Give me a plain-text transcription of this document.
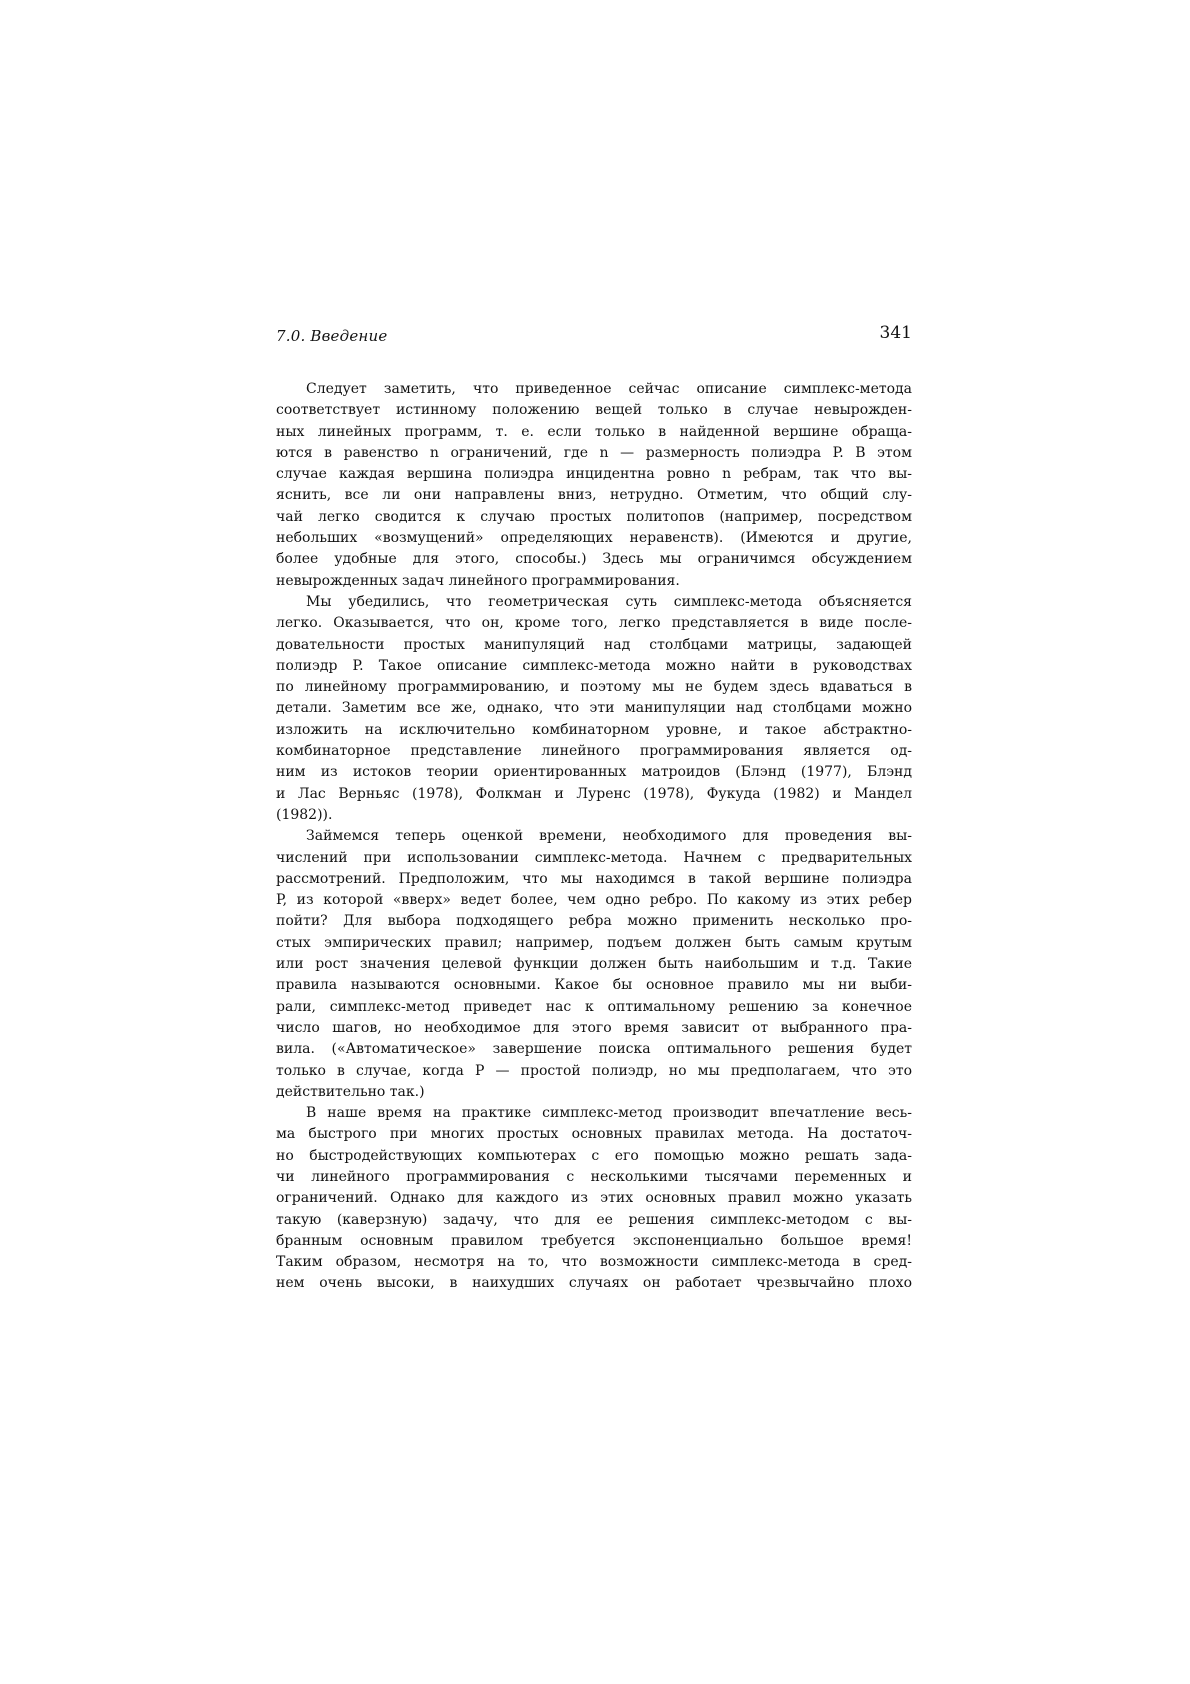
7.0. Введение	341
Следует заметить, что приведенное сейчас описание симплекс-метода
соответствует истинному положению вещей только в случае невырожден-
ных линейных программ, т. е. если только в найденной вершине обраща-
ются в равенство n ограничений, где n — размерность полиэдра P. В этом
случае каждая вершина полиэдра инцидентна ровно n ребрам, так что вы-
яснить, все ли они направлены вниз, нетрудно. Отметим, что общий слу-
чай легко сводится к случаю простых политопов (например, посредством
небольших «возмущений» определяющих неравенств). (Имеются и другие,
более удобные для этого, способы.) Здесь мы ограничимся обсуждением
невырожденных задач линейного программирования.
Мы убедились, что геометрическая суть симплекс-метода объясняется
легко. Оказывается, что он, кроме того, легко представляется в виде после-
довательности простых манипуляций над столбцами матрицы, задающей
полиэдр P. Такое описание симплекс-метода можно найти в руководствах
по линейному программированию, и поэтому мы не будем здесь вдаваться в
детали. Заметим все же, однако, что эти манипуляции над столбцами можно
изложить на исключительно комбинаторном уровне, и такое абстрактно-
комбинаторное представление линейного программирования является од-
ним из истоков теории ориентированных матроидов (Блэнд (1977), Блэнд
и Лас Верньяс (1978), Фолкман и Луренс (1978), Фукуда (1982) и Мандел
(1982)).
Займемся теперь оценкой времени, необходимого для проведения вы-
числений при использовании симплекс-метода. Начнем с предварительных
рассмотрений. Предположим, что мы находимся в такой вершине полиэдра
P, из которой «вверх» ведет более, чем одно ребро. По какому из этих ребер
пойти? Для выбора подходящего ребра можно применить несколько про-
стых эмпирических правил; например, подъем должен быть самым крутым
или рост значения целевой функции должен быть наибольшим и т.д. Такие
правила называются основными. Какое бы основное правило мы ни выби-
рали, симплекс-метод приведет нас к оптимальному решению за конечное
число шагов, но необходимое для этого время зависит от выбранного пра-
вила. («Автоматическое» завершение поиска оптимального решения будет
только в случае, когда P — простой полиэдр, но мы предполагаем, что это
действительно так.)
В наше время на практике симплекс-метод производит впечатление весь-
ма быстрого при многих простых основных правилах метода. На достаточ-
но быстродействующих компьютерах с его помощью можно решать зада-
чи линейного программирования с несколькими тысячами переменных и
ограничений. Однако для каждого из этих основных правил можно указать
такую (каверзную) задачу, что для ее решения симплекс-методом с вы-
бранным основным правилом требуется экспоненциально большое время!
Таким образом, несмотря на то, что возможности симплекс-метода в сред-
нем очень высоки, в наихудших случаях он работает чрезвычайно плохо
